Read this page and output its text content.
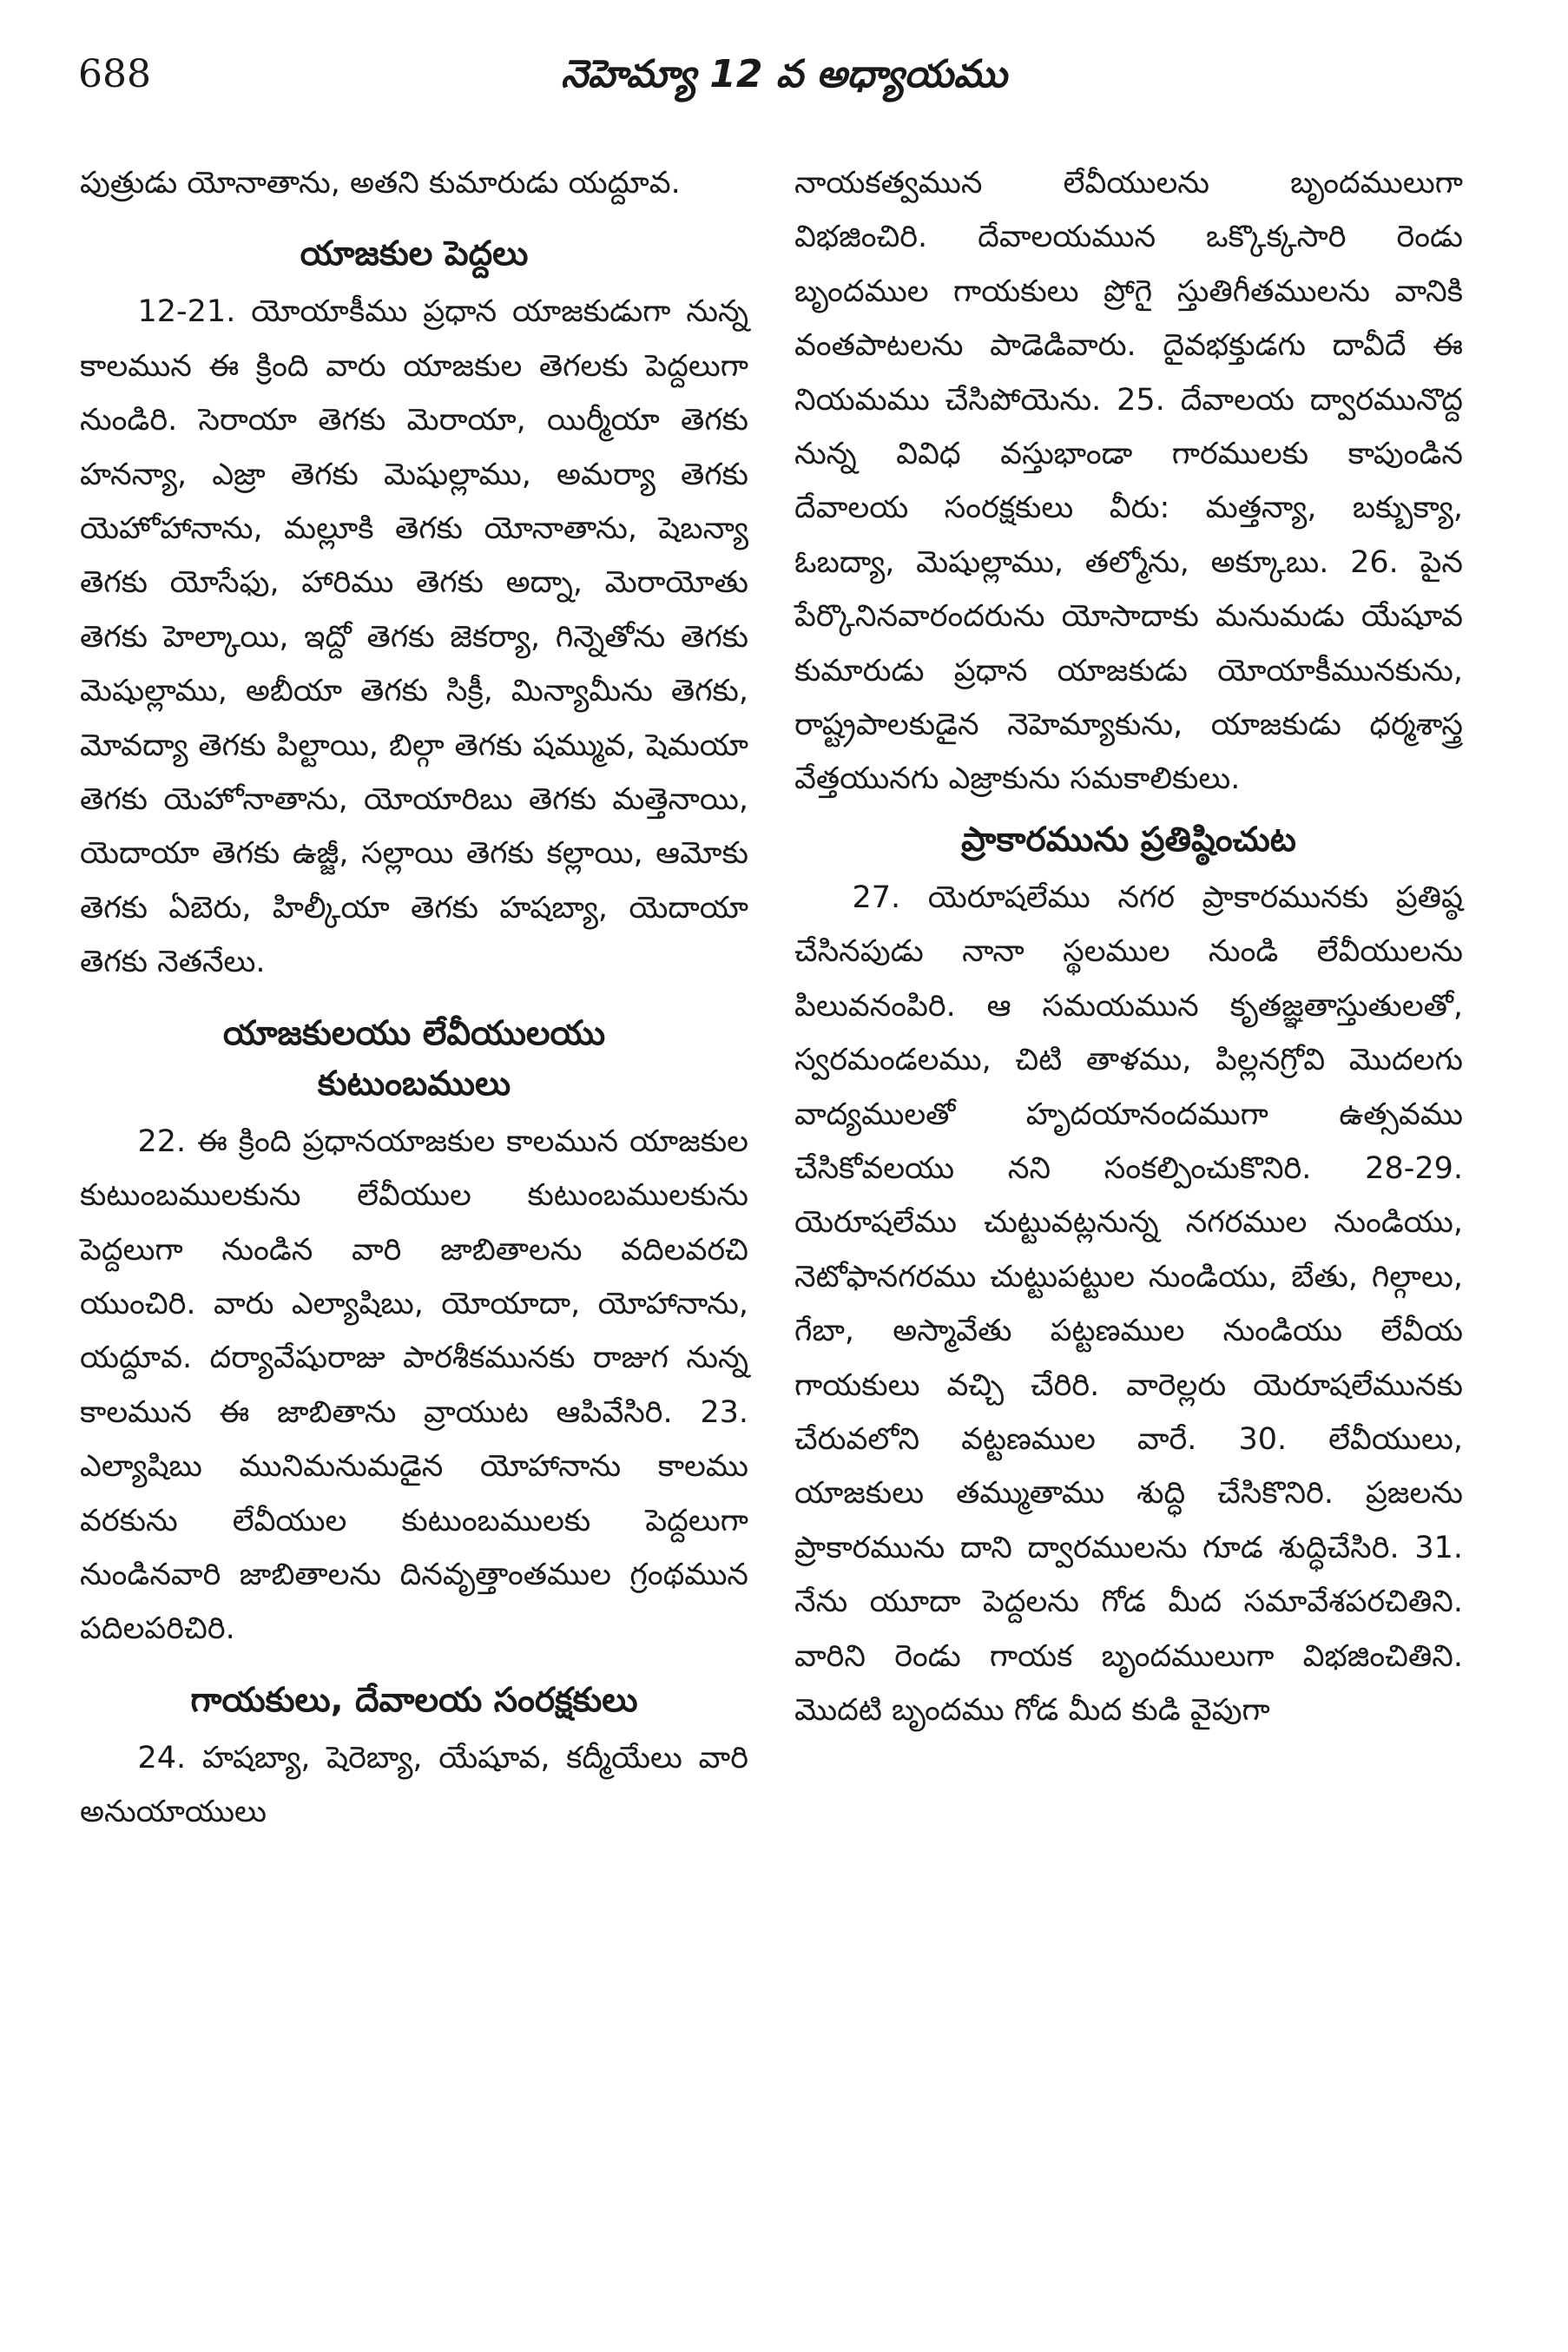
688	నెహెమ్యా 12 వ అధ్యాయము

పుత్రుడు యోనాతాను, అతని కుమారుడు యద్దూవ.

యాజకుల పెద్దలు

12-21. యోయాకీము ప్రధాన యాజకుడుగా నున్న కాలమున ఈ క్రింది వారు యాజకుల తెగలకు పెద్దలుగా నుండిరి. సెరాయా తెగకు మెరాయా, యిర్మీయా తెగకు హనన్యా, ఎజ్రా తెగకు మెషుల్లాము, అమర్యా తెగకు యెహోహానాను, మల్లూకి తెగకు యోనాతాను, షెబన్యా తెగకు యోసేఫు, హారిము తెగకు అద్నా, మెరాయోతు తెగకు హెల్కాయి, ఇద్దో తెగకు జెకర్యా, గిన్నెతోను తెగకు మెషుల్లాము, అబీయా తెగకు సిక్రీ, మిన్యామీను తెగకు, మోవద్యా తెగకు పిల్టాయి, బిల్గా తెగకు షమ్మువ, షెమయా తెగకు యెహోనాతాను, యోయారిబు తెగకు మత్తెనాయి, యెదాయా తెగకు ఉజ్జీ, సల్లాయి తెగకు కల్లాయి, ఆమోకు తెగకు ఏబెరు, హిల్కీయా తెగకు హషబ్యా, యెదాయా తెగకు నెతనేలు.

యాజకులయు లేవీయులయు
కుటుంబములు

22. ఈ క్రింది ప్రధానయాజకుల కాలమున యాజకుల కుటుంబములకును లేవీయుల కుటుంబములకును పెద్దలుగా నుండిన వారి జాబితాలను వదిలవరచి యుంచిరి. వారు ఎల్యాషిబు, యోయాదా, యోహానాను, యద్దూవ. దర్యావేషురాజు పారశీకమునకు రాజుగ నున్న కాలమున ఈ జాబితాను వ్రాయుట ఆపివేసిరి. 23. ఎల్యాషిబు మునిమనుమడైన యోహానాను కాలము వరకును లేవీయుల కుటుంబములకు పెద్దలుగా నుండినవారి జాబితాలను దినవృత్తాంతముల గ్రంథమున పదిలపరిచిరి.

గాయకులు, దేవాలయ సంరక్షకులు

24. హషబ్యా, షెరెబ్యా, యేషూవ, కద్మీయేలు వారి అనుయాయులు

నాయకత్వమున లేవీయులను బృందములుగా విభజించిరి. దేవాలయమున ఒక్కొక్కసారి రెండు బృందముల గాయకులు ప్రోగై స్తుతిగీతములను వానికి వంతపాటలను పాడెడివారు. దైవభక్తుడగు దావీదే ఈ నియమము చేసిపోయెను. 25. దేవాలయ ద్వారమునొద్ద నున్న వివిధ వస్తుభాండా గారములకు కాపుండిన దేవాలయ సంరక్షకులు వీరు: మత్తన్యా, బక్బుక్యా, ఓబద్యా, మెషుల్లాము, తల్మోను, అక్కూబు. 26. పైన పేర్కొనినవారందరును యోసాదాకు మనుమడు యేషూవ కుమారుడు ప్రధాన యాజకుడు యోయాకీమునకును, రాష్ట్రపాలకుడైన నెహెమ్యాకును, యాజకుడు ధర్మశాస్త్ర వేత్తయునగు ఎజ్రాకును సమకాలికులు.

ప్రాకారమును ప్రతిష్ఠించుట

27. యెరూషలేము నగర ప్రాకారమునకు ప్రతిష్ఠ చేసినపుడు నానా స్థలముల నుండి లేవీయులను పిలువనంపిరి. ఆ సమయమున కృతజ్ఞతాస్తుతులతో, స్వరమండలము, చిటి తాళము, పిల్లనగ్రోవి మొదలగు వాద్యములతో హృదయానందముగా ఉత్సవము చేసికోవలయు నని సంకల్పించుకొనిరి. 28-29. యెరూషలేము చుట్టువట్లనున్న నగరముల నుండియు, నెటోఫానగరము చుట్టుపట్టుల నుండియు, బేతు, గిల్గాలు, గేబా, అస్మావేతు పట్టణముల నుండియు లేవీయ గాయకులు వచ్చి చేరిరి. వారెల్లరు యెరూషలేమునకు చేరువలోని వట్టణముల వారే. 30. లేవీయులు, యాజకులు తమ్ముతాము శుద్ధి చేసికొనిరి. ప్రజలను ప్రాకారమును దాని ద్వారములను గూడ శుద్ధిచేసిరి. 31. నేను యూదా పెద్దలను గోడ మీద సమావేశపరచితిని. వారిని రెండు గాయక బృందములుగా విభజించితిని. మొదటి బృందము గోడ మీద కుడి వైపుగా
